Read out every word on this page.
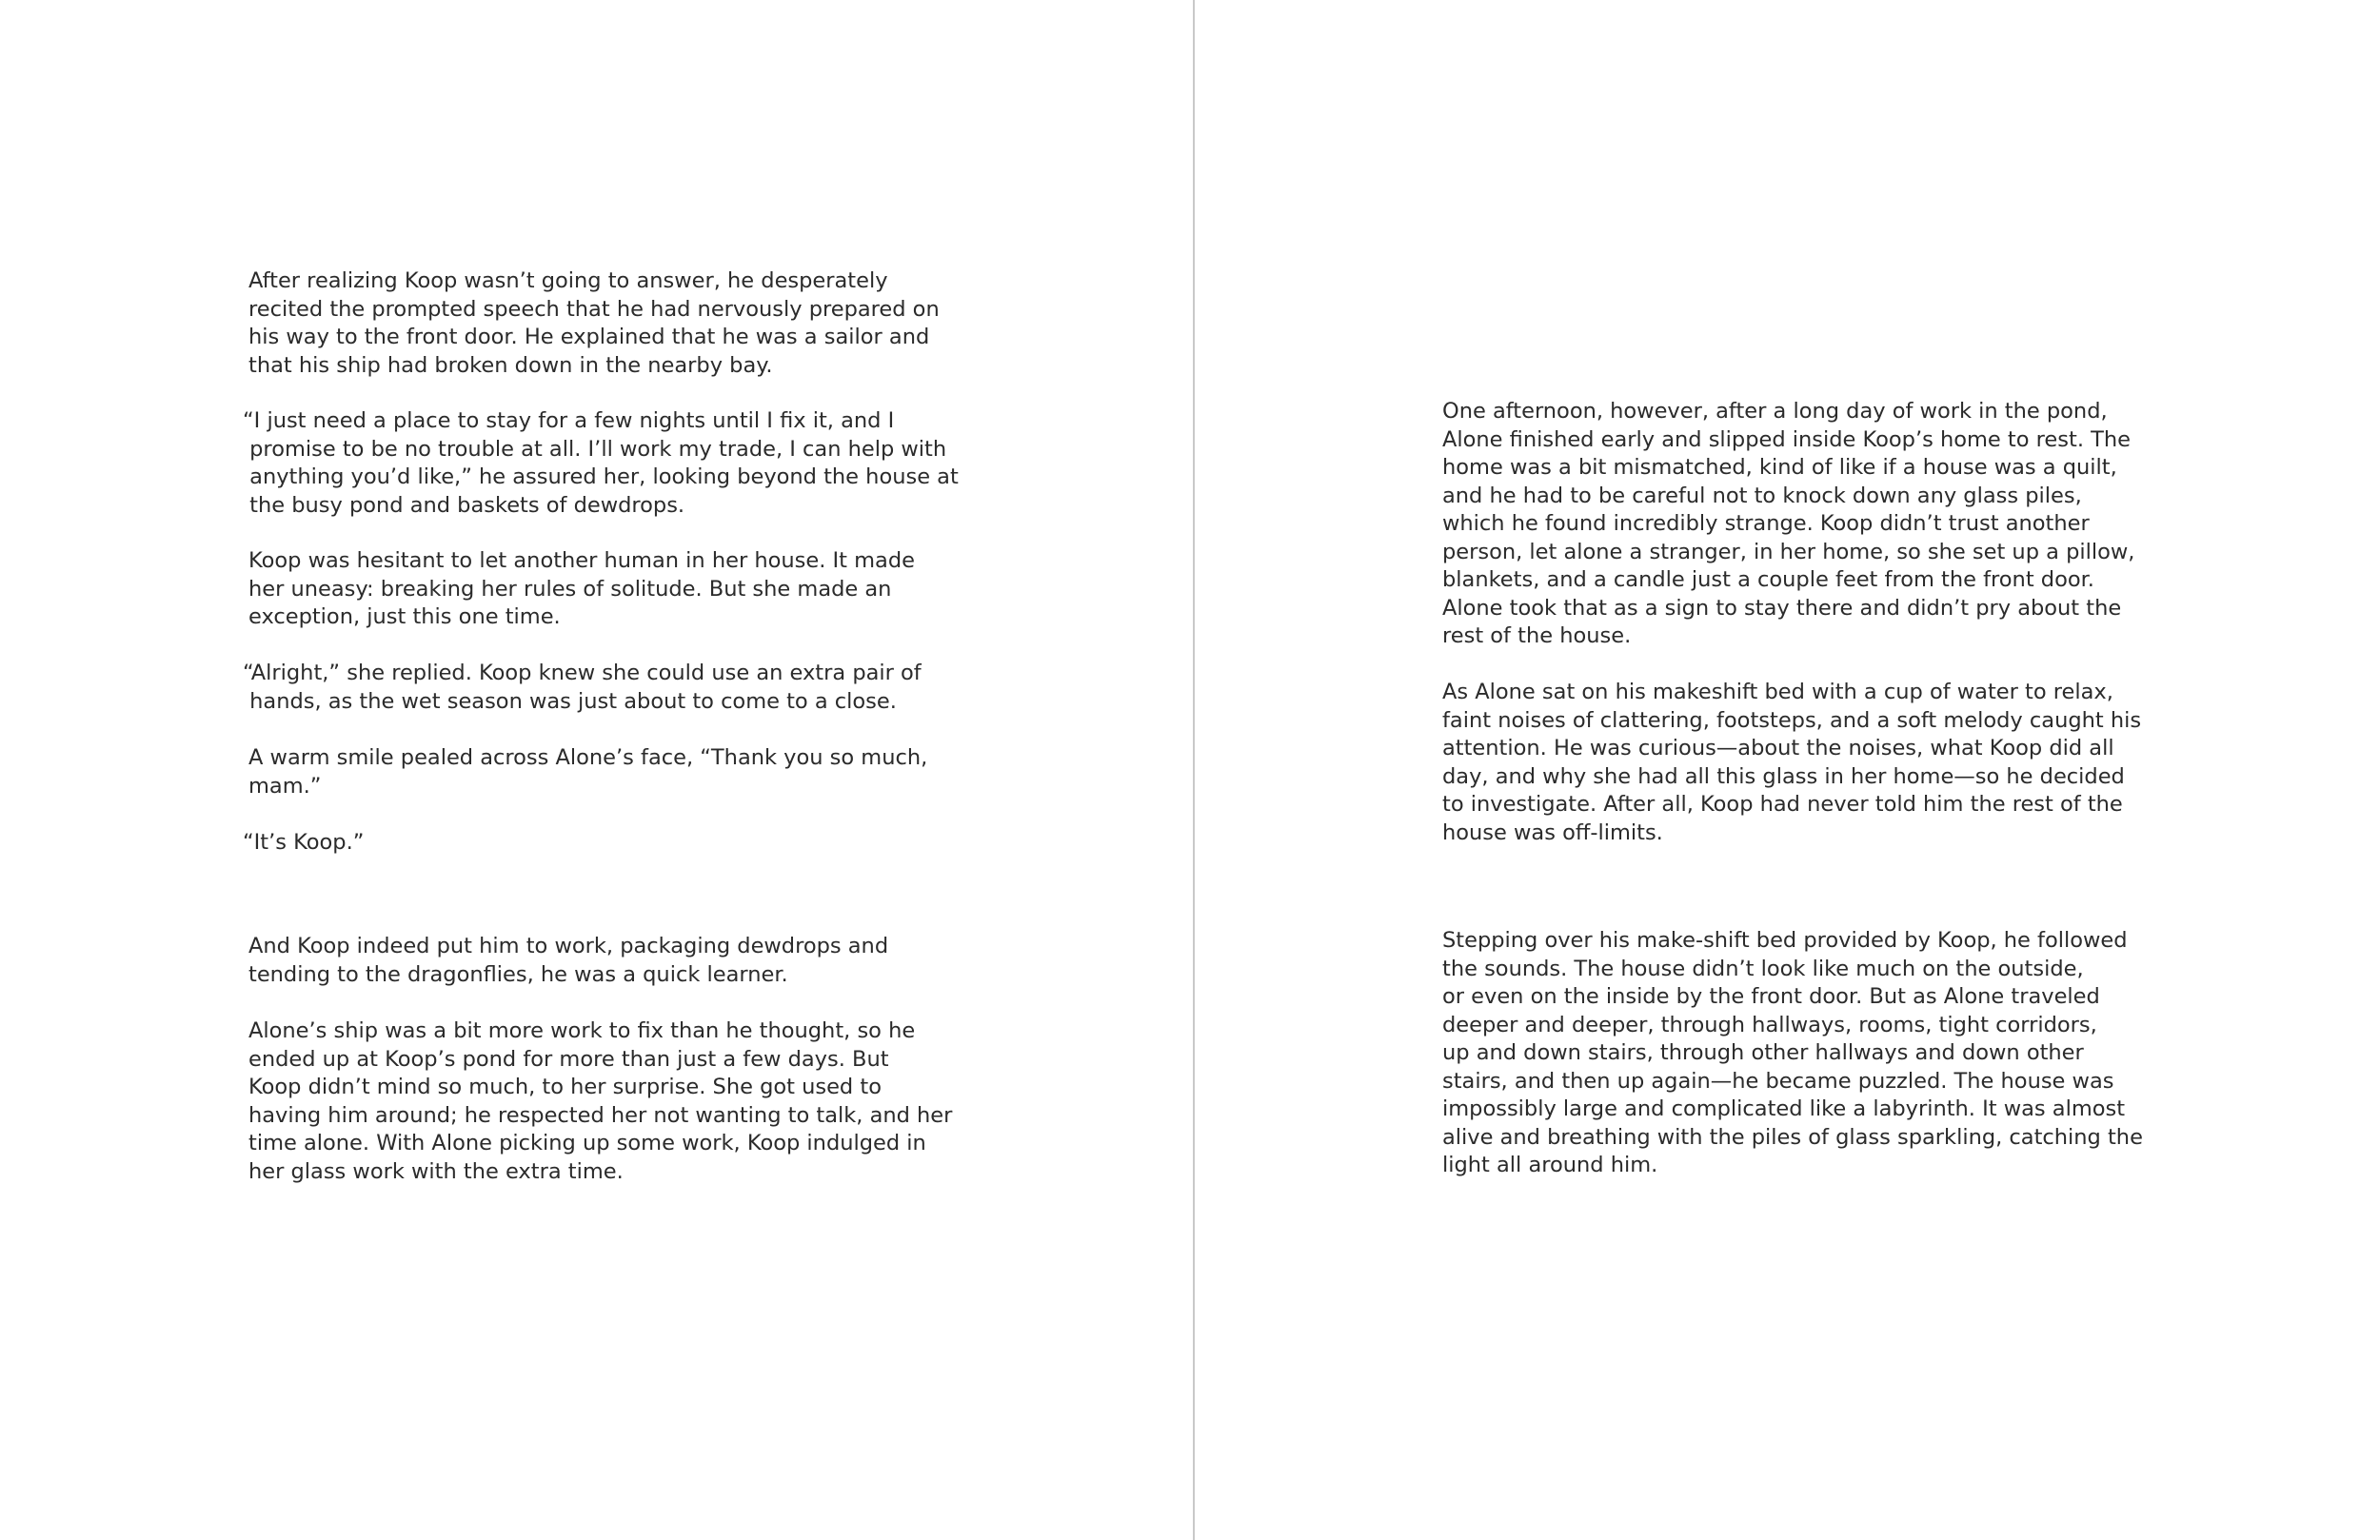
After realizing Koop wasn’t going to answer, he desperately
recited the prompted speech that he had nervously prepared on
his way to the front door. He explained that he was a sailor and
that his ship had broken down in the nearby bay.

“I just need a place to stay for a few nights until I fix it, and I
promise to be no trouble at all. I’ll work my trade, I can help with
anything you’d like,” he assured her, looking beyond the house at
the busy pond and baskets of dewdrops.

Koop was hesitant to let another human in her house. It made
her uneasy: breaking her rules of solitude. But she made an
exception, just this one time.

“Alright,” she replied. Koop knew she could use an extra pair of
hands, as the wet season was just about to come to a close.

A warm smile pealed across Alone’s face, “Thank you so much,
mam.”

“It’s Koop.”

And Koop indeed put him to work, packaging dewdrops and
tending to the dragonflies, he was a quick learner.

Alone’s ship was a bit more work to fix than he thought, so he
ended up at Koop’s pond for more than just a few days. But
Koop didn’t mind so much, to her surprise. She got used to
having him around; he respected her not wanting to talk, and her
time alone. With Alone picking up some work, Koop indulged in
her glass work with the extra time.

One afternoon, however, after a long day of work in the pond,
Alone finished early and slipped inside Koop’s home to rest. The
home was a bit mismatched, kind of like if a house was a quilt,
and he had to be careful not to knock down any glass piles,
which he found incredibly strange. Koop didn’t trust another
person, let alone a stranger, in her home, so she set up a pillow,
blankets, and a candle just a couple feet from the front door.
Alone took that as a sign to stay there and didn’t pry about the
rest of the house.

As Alone sat on his makeshift bed with a cup of water to relax,
faint noises of clattering, footsteps, and a soft melody caught his
attention. He was curious—about the noises, what Koop did all
day, and why she had all this glass in her home—so he decided
to investigate. After all, Koop had never told him the rest of the
house was off-limits.

Stepping over his make-shift bed provided by Koop, he followed
the sounds. The house didn’t look like much on the outside,
or even on the inside by the front door. But as Alone traveled
deeper and deeper, through hallways, rooms, tight corridors,
up and down stairs, through other hallways and down other
stairs, and then up again—he became puzzled. The house was
impossibly large and complicated like a labyrinth. It was almost
alive and breathing with the piles of glass sparkling, catching the
light all around him.
